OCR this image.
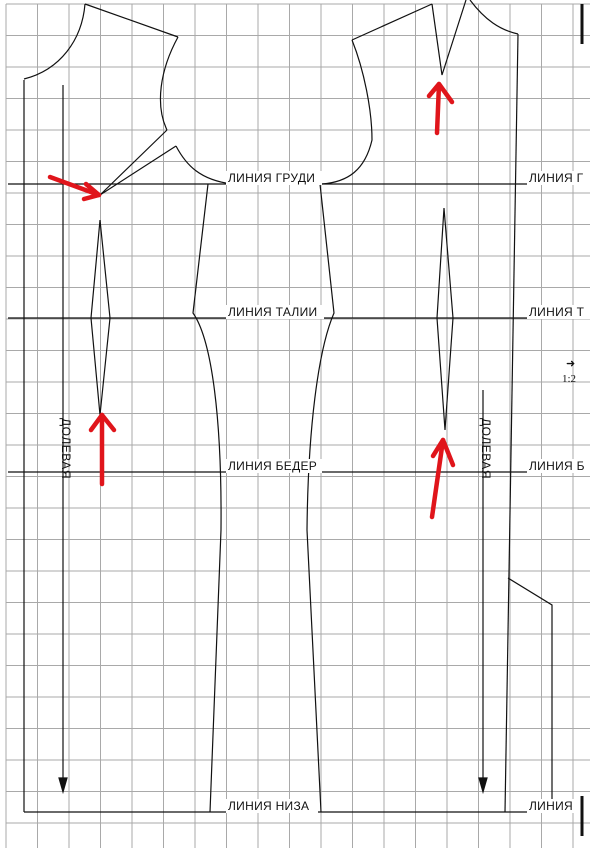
ЛИНИЯ ГРУДИ
ЛИНИЯ ТАЛИИ
ЛИНИЯ БЕДЕР
ЛИНИЯ НИЗА
ЛИНИЯ Г
ЛИНИЯ Т
ЛИНИЯ Б
ЛИНИЯ
ДОЛЕВАЯ	ДОЛЕВАЯ
➜
1:2
